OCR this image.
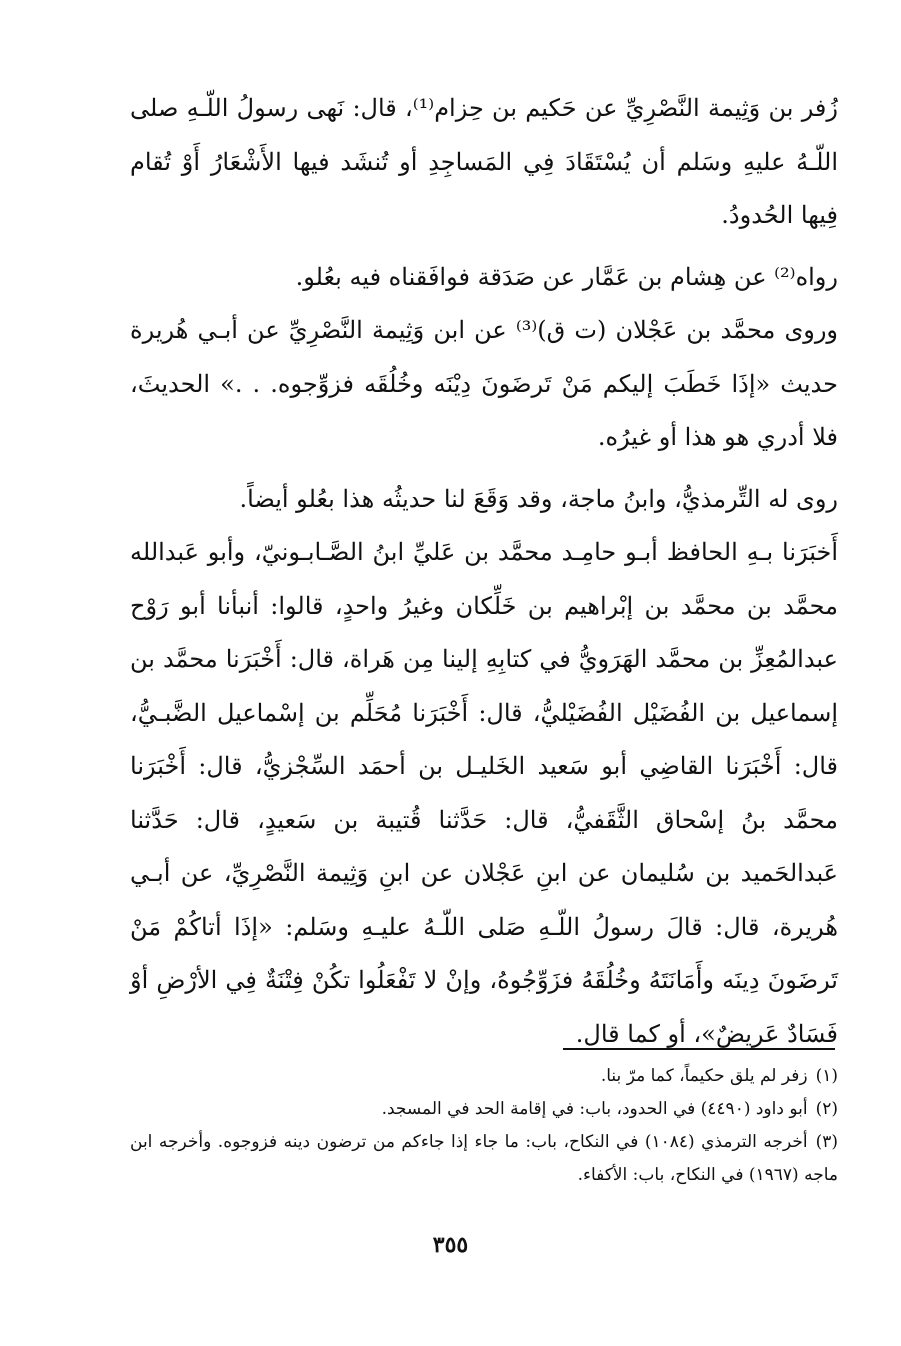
زُفر بن وَثِيمة النَّصْرِيِّ عن حَكيم بن حِزام⁽¹⁾، قال: نَهى رسولُ اللّـهِ صلى اللّـهُ عليهِ وسَلم أن يُسْتَقَادَ فِي المَساجِدِ أو تُنشَد فيها الأَشْعَارُ أَوْ تُقام فِيها الحُدودُ.

رواه⁽²⁾ عن هِشام بن عَمَّار عن صَدَقة فوافَقناه فيه بعُلو.

وروى محمَّد بن عَجْلان (ت ق)⁽³⁾ عن ابن وَثِيمة النَّصْرِيِّ عن أبـي هُريرة حديث «إذَا خَطَبَ إليكم مَنْ تَرضَونَ دِيْنَه وخُلُقَه فزوِّجوه. . .» الحديثَ، فلا أدري هو هذا أو غيرُه.

روى له التِّرمذيُّ، وابنُ ماجة، وقد وَقَعَ لنا حديثُه هذا بعُلو أيضاً.

أَخبَرَنا بـهِ الحافظ أبـو حامِـد محمَّد بن عَليِّ ابنُ الصَّـابـونيّ، وأبو عَبدالله محمَّد بن محمَّد بن إبْراهيم بن خَلِّكان وغيرُ واحدٍ، قالوا: أنبأنا أبو رَوْح عبدالمُعِزِّ بن محمَّد الهَرَويُّ في كتابِهِ إلينا مِن هَراة، قال: أَخْبَرَنا محمَّد بن إسماعيل بن الفُضَيْل الفُضَيْليُّ، قال: أَخْبَرَنا مُحَلِّم بن إسْماعيل الضَّبـيُّ، قال: أَخْبَرَنا القاضِي أبو سَعيد الخَليـل بن أحمَد السِّجْزيُّ، قال: أَخْبَرَنا محمَّد بنُ إسْحاق الثَّقَفيُّ، قال: حَدَّثنا قُتيبة بن سَعيدٍ، قال: حَدَّثنا عَبدالحَميد بن سُليمان عن ابنِ عَجْلان عن ابنِ وَثِيمة النَّصْرِيِّ، عن أبـي هُريرة، قال: قالَ رسولُ اللّـهِ صَلى اللّـهُ عليـهِ وسَلم: «إذَا أتاكُمْ مَنْ تَرضَونَ دِينَه وأَمَانَتَهُ وخُلُقَهُ فزَوِّجُوهُ، وإنْ لا تَفْعَلُوا تكُنْ فِتْنَةٌ فِي الأرْضِ أوْ فَسَادٌ عَريضٌ»، أو كما قال.

(١)زفر لم يلق حكيماً، كما مرّ بنا.

(٢)أبو داود (٤٤٩٠) في الحدود، باب: في إقامة الحد في المسجد.

(٣)أخرجه الترمذي (١٠٨٤) في النكاح، باب: ما جاء إذا جاءكم من ترضون دينه فزوجوه. وأخرجه ابن ماجه (١٩٦٧) في النكاح، باب: الأكفاء.

٣٥٥
